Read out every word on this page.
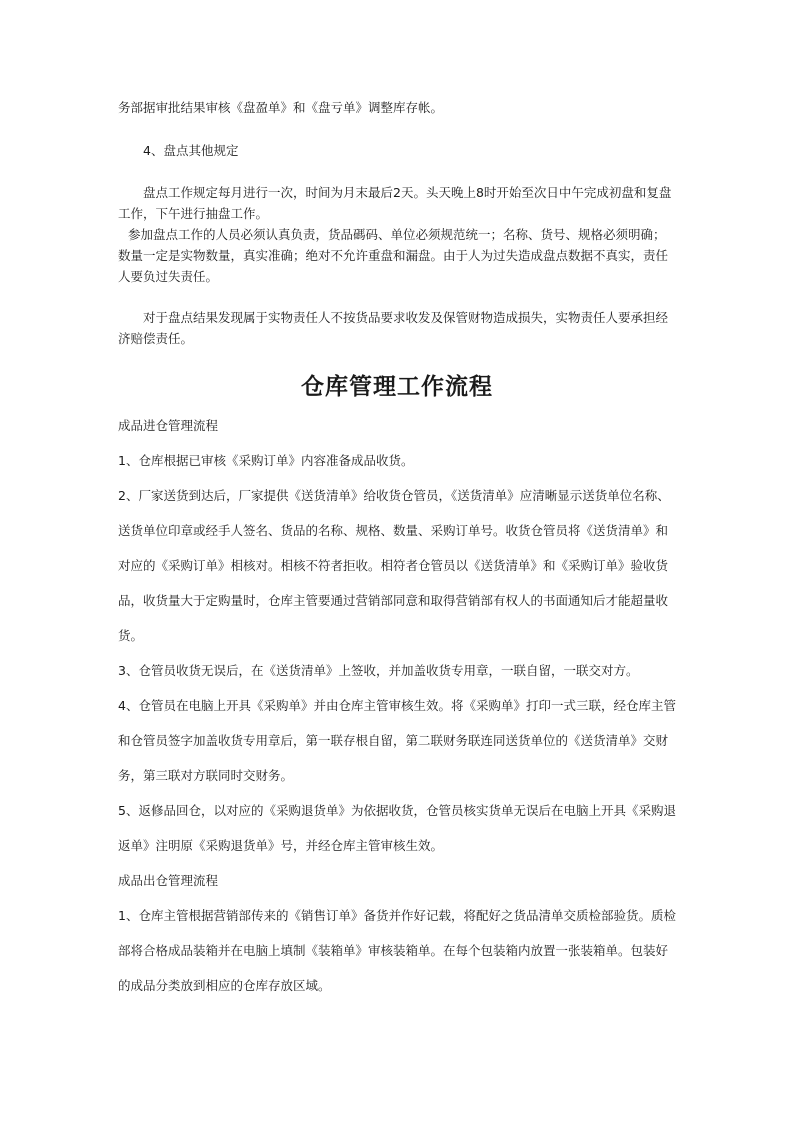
务部据审批结果审核《盘盈单》和《盘亏单》调整库存帐。

4、盘点其他规定

盘点工作规定每月进行一次，时间为月末最后2天。头天晚上8时开始至次日中午完成初盘和复盘工作，下午进行抽盘工作。

参加盘点工作的人员必须认真负责，货品碼码、单位必须规范统一；名称、货号、规格必须明确；数量一定是实物数量，真实准确；绝对不允许重盘和漏盘。由于人为过失造成盘点数据不真实，责任人要负过失责任。

对于盘点结果发现属于实物责任人不按货品要求收发及保管财物造成损失，实物责任人要承担经济赔偿责任。

仓库管理工作流程

成品进仓管理流程

1、仓库根据已审核《采购订单》内容准备成品收货。

2、厂家送货到达后，厂家提供《送货清单》给收货仓管员，《送货清单》应清晰显示送货单位名称、送货单位印章或经手人签名、货品的名称、规格、数量、采购订单号。收货仓管员将《送货清单》和对应的《采购订单》相核对。相核不符者拒收。相符者仓管员以《送货清单》和《采购订单》验收货品，收货量大于定购量时，仓库主管要通过营销部同意和取得营销部有权人的书面通知后才能超量收货。

3、仓管员收货无误后，在《送货清单》上签收，并加盖收货专用章，一联自留，一联交对方。

4、仓管员在电脑上开具《采购单》并由仓库主管审核生效。将《采购单》打印一式三联，经仓库主管和仓管员签字加盖收货专用章后，第一联存根自留，第二联财务联连同送货单位的《送货清单》交财务，第三联对方联同时交财务。

5、返修品回仓，以对应的《采购退货单》为依据收货，仓管员核实货单无误后在电脑上开具《采购退返单》注明原《采购退货单》号，并经仓库主管审核生效。

成品出仓管理流程

1、仓库主管根据营销部传来的《销售订单》备货并作好记载，将配好之货品清单交质检部验货。质检部将合格成品装箱并在电脑上填制《装箱单》审核装箱单。在每个包装箱内放置一张装箱单。包装好的成品分类放到相应的仓库存放区域。
